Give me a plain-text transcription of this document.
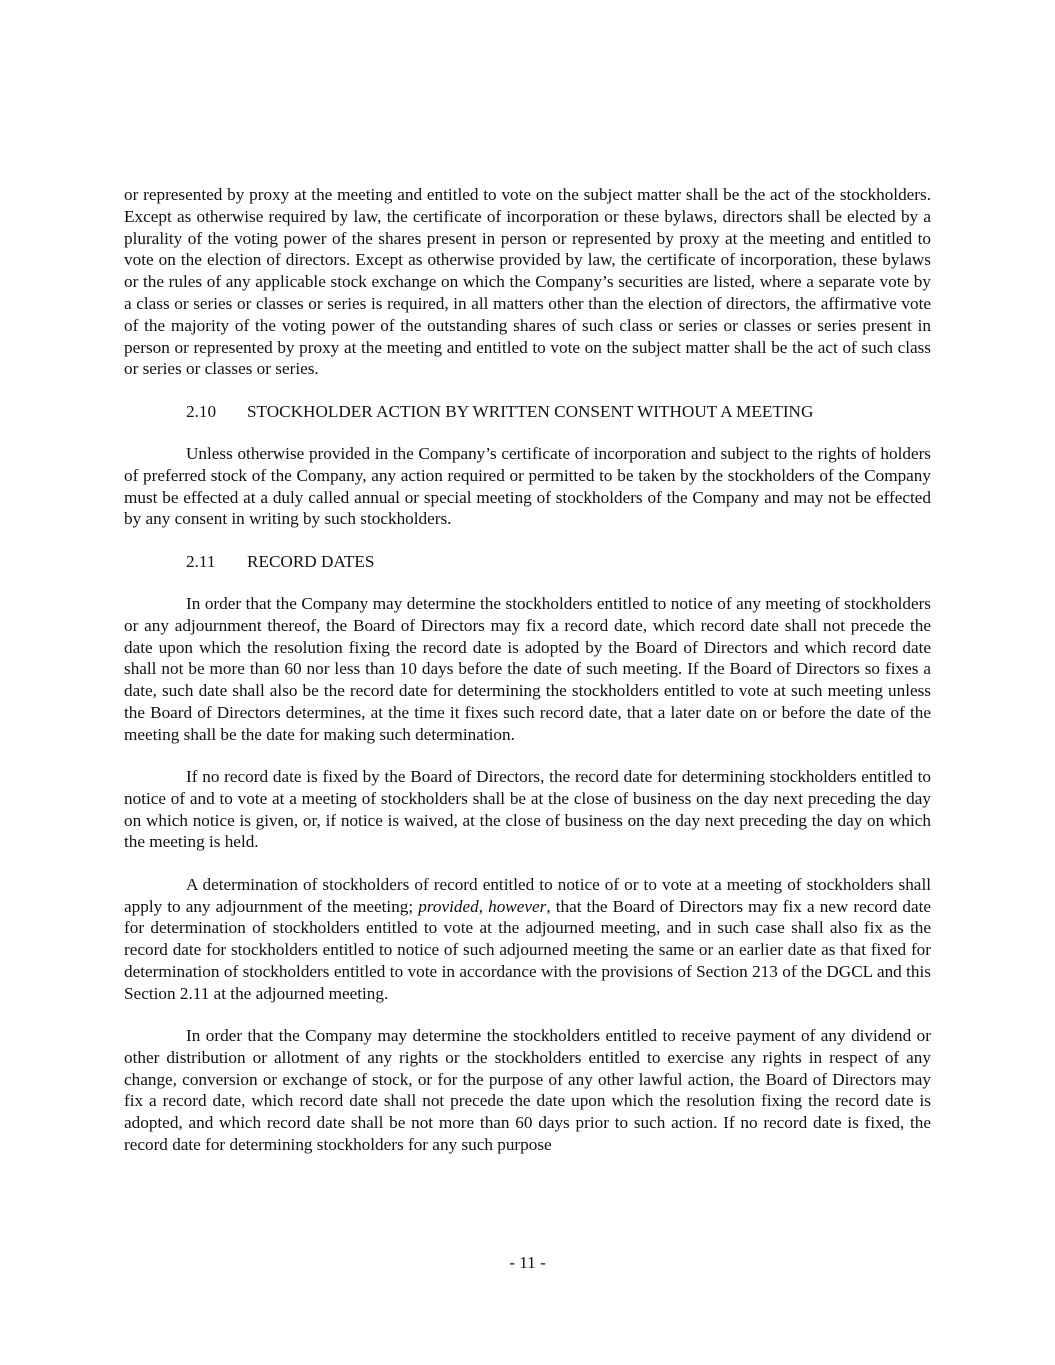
or represented by proxy at the meeting and entitled to vote on the subject matter shall be the act of the stockholders. Except as otherwise required by law, the certificate of incorporation or these bylaws, directors shall be elected by a plurality of the voting power of the shares present in person or represented by proxy at the meeting and entitled to vote on the election of directors. Except as otherwise provided by law, the certificate of incorporation, these bylaws or the rules of any applicable stock exchange on which the Company’s securities are listed, where a separate vote by a class or series or classes or series is required, in all matters other than the election of directors, the affirmative vote of the majority of the voting power of the outstanding shares of such class or series or classes or series present in person or represented by proxy at the meeting and entitled to vote on the subject matter shall be the act of such class or series or classes or series.

2.10 STOCKHOLDER ACTION BY WRITTEN CONSENT WITHOUT A MEETING

Unless otherwise provided in the Company’s certificate of incorporation and subject to the rights of holders of preferred stock of the Company, any action required or permitted to be taken by the stockholders of the Company must be effected at a duly called annual or special meeting of stockholders of the Company and may not be effected by any consent in writing by such stockholders.

2.11 RECORD DATES

In order that the Company may determine the stockholders entitled to notice of any meeting of stockholders or any adjournment thereof, the Board of Directors may fix a record date, which record date shall not precede the date upon which the resolution fixing the record date is adopted by the Board of Directors and which record date shall not be more than 60 nor less than 10 days before the date of such meeting. If the Board of Directors so fixes a date, such date shall also be the record date for determining the stockholders entitled to vote at such meeting unless the Board of Directors determines, at the time it fixes such record date, that a later date on or before the date of the meeting shall be the date for making such determination.

If no record date is fixed by the Board of Directors, the record date for determining stockholders entitled to notice of and to vote at a meeting of stockholders shall be at the close of business on the day next preceding the day on which notice is given, or, if notice is waived, at the close of business on the day next preceding the day on which the meeting is held.

A determination of stockholders of record entitled to notice of or to vote at a meeting of stockholders shall apply to any adjournment of the meeting; provided, however, that the Board of Directors may fix a new record date for determination of stockholders entitled to vote at the adjourned meeting, and in such case shall also fix as the record date for stockholders entitled to notice of such adjourned meeting the same or an earlier date as that fixed for determination of stockholders entitled to vote in accordance with the provisions of Section 213 of the DGCL and this Section 2.11 at the adjourned meeting.

In order that the Company may determine the stockholders entitled to receive payment of any dividend or other distribution or allotment of any rights or the stockholders entitled to exercise any rights in respect of any change, conversion or exchange of stock, or for the purpose of any other lawful action, the Board of Directors may fix a record date, which record date shall not precede the date upon which the resolution fixing the record date is adopted, and which record date shall be not more than 60 days prior to such action. If no record date is fixed, the record date for determining stockholders for any such purpose

- 11 -
